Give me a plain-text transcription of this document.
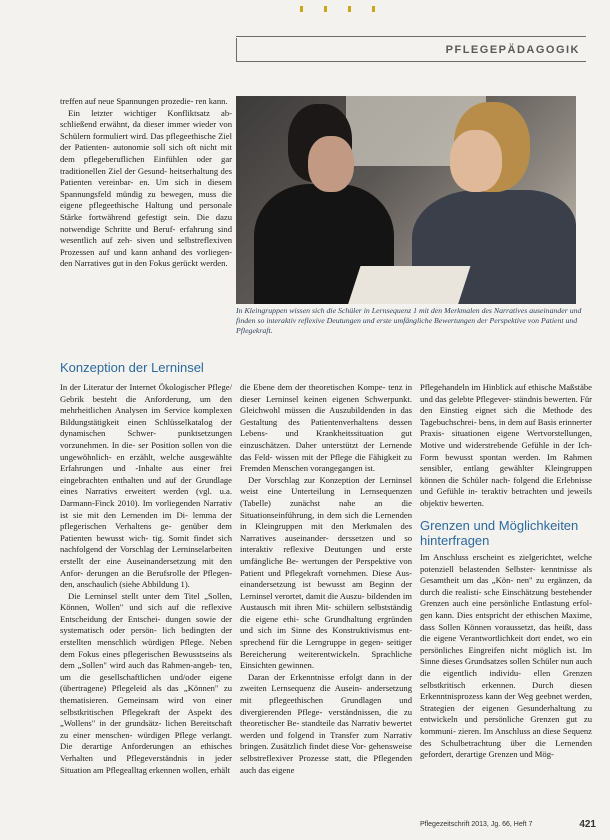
PFLEGEPÄDAGOGIK

treffen auf neue Spannungen prozedie- ren kann.

Ein letzter wichtiger Konfliktsatz ab- schließend erwähnt, da dieser immer wieder von Schülern formuliert wird. Das pflegeethische Ziel der Patienten- autonomie soll sich oft nicht mit dem pflegeberuflichen Einfühlen oder gar traditionellen Ziel der Gesund- heitserhaltung des Patienten vereinbar- en. Um sich in diesem Spannungsfeld mündig zu bewegen, muss die eigene pflegeethische Haltung und personale Stärke fortwährend gefestigt sein. Die dazu notwendige Schritte und Beruf- erfahrung sind wesentlich auf zeh- siven und selbstreflexiven Prozessen auf und kann anhand des vorliegen- den Narratives gut in den Fokus gerückt werden.

In Kleingruppen wissen sich die Schüler in Lernsequenz 1 mit den Merkmalen des Narratives auseinander und finden so interaktiv reflexive Deutungen und erste umfängliche Bewertungen der Perspektive von Patient und Pflegekraft.
Konzeption der Lerninsel

In der Literatur der Internet Ökologischer Pflege/ Gebrik besteht die Anforderung, um den mehrheitlichen Analysen im Service komplexen Bildungstätigkeit einen Schlüsselkatalog der dynamischen Schwer- punktsetzungen vorzunehmen. In die- ser Position sollen von die ungewöhnlich- en erzählt, welche ausgewählte Erfahrungen und -Inhalte aus einer frei eingebrachten enthalten und auf der Grundlage eines Narrativs erweitert werden (vgl. u.a. Darmann-Finck 2010). Im vorliegenden Narrativ ist sie mit den Lernenden im Di- lemma der pflegerischen Verhaltens ge- genüber dem Patienten bewusst wich- tig. Somit findet sich nachfolgend der Vorschlag der Lerninselarbeiten erstellt der eine Auseinandersetzung mit den Anfor- derungen an die Berufsrolle der Pflegen- den, anschaulich (siehe Abbildung 1).

Die Lerninsel stellt unter dem Titel „Sollen, Können, Wollen" und sich auf die reflexive Entscheidung der Entschei- dungen sowie der systematisch oder persön- lich bedingten der erstellten menschlich würdigen Pflege. Neben dem Fokus eines pflegerischen Bewusstseins als dem „Sollen" wird auch das Rahmen-angeb- ten, um die gesellschaftlichen und/oder eigene (übertragene) Pflegeleid als das „Können" zu thematisieren. Gemeinsam wird von einer selbstkritischen Pflegekraft der Aspekt des „Wollens" in der grundsätz- lichen Bereitschaft zu einer menschen- würdigen Pflege verlangt. Die derartige Anforderungen an ethisches Verhalten und Pflegeverständnis in jeder Situation am Pflegealltag erkennen wollen, erhält

die Ebene dem der theoretischen Kompe- tenz in dieser Lerninsel keinen eigenen Schwerpunkt. Gleichwohl müssen die Auszubildenden in das Gestaltung des Patientenverhaltens dessen Lebens- und Krankheitssituation gut einzuschätzen. Daher unterstützt der Lernende das Feld- wissen mit der Pflege die Fähigkeit zu Fremden Menschen vorangegangen ist.

Der Vorschlag zur Konzeption der Lerninsel weist eine Unterteilung in Lernsequenzen (Tabelle) zunächst nahe an die Situationseinführung, in dem sich die Lernenden in Kleingruppen mit den Merkmalen des Narratives auseinander- derssetzen und so interaktiv reflexive Deutungen und erste umfängliche Be- wertungen der Perspektive von Patient und Pflegekraft vornehmen. Diese Aus- einandersetzung ist bewusst am Beginn der Lerninsel verortet, damit die Auszu- bildenden im Austausch mit ihren Mit- schülern selbstständig die eigene ethi- sche Grundhaltung ergründen und sich im Sinne des Konstruktivismus ent- sprechend für die Lerngruppe in gegen- seitiger Bereicherung weiterentwickeln. Sprachliche Einsichten gewinnen.

Daran der Erkenntnisse erfolgt dann in der zweiten Lernsequenz die Ausein- andersetzung mit pflegeethischen Grundlagen und divergierenden Pflege- verständnissen, die zu theoretischer Be- standteile das Narrativ bewertet werden und folgend in Transfer zum Narrativ bringen. Zusätzlich findet diese Vor- gehensweise selbstreflexiver Prozesse statt, die Pflegenden auch das eigene

Pflegehandeln im Hinblick auf ethische Maßstäbe und das gelebte Pflegever- ständnis bewerten. Für den Einstieg eignet sich die Methode des Tagebuchschrei- bens, in dem auf Basis erinnerter Praxis- situationen eigene Wertvorstellungen, Motive und widerstrebende Gefühle in der Ich-Form bewusst spontan werden. Im Rahmen sensibler, entlang gewählter Kleingruppen können die Schüler nach- folgend die Erlebnisse und Gefühle in- teraktiv betrachten und jeweils objektiv bewerten.

Grenzen und Möglichkeiten hinterfragen

Im Anschluss erscheint es zielgerichtet, welche potenziell belastenden Selbster- kenntnisse als Gesamtheit um das „Kön- nen" zu ergänzen, da durch die realisti- sche Einschätzung bestehender Grenzen auch eine persönliche Entlastung erfol- gen kann. Dies entspricht der ethischen Maxime, dass Sollen Können voraussetzt, das heißt, dass die eigene Verantwortlichkeit dort endet, wo ein persönliches Eingreifen nicht möglich ist. Im Sinne dieses Grundsatzes sollen Schüler nun auch die eigentlich individu- ellen Grenzen selbstkritisch erkennen. Durch diesen Erkenntnisprozess kann der Weg geebnet werden, Strategien der eigenen Gesunderhaltung zu entwickeln und persönliche Grenzen gut zu kommuni- zieren. Im Anschluss an diese Sequenz des Schulbetrachtung über die Lernenden gefordert, derartige Grenzen und Mög-

Pflegezeitschrift 2013, Jg. 66, Heft 7	421
